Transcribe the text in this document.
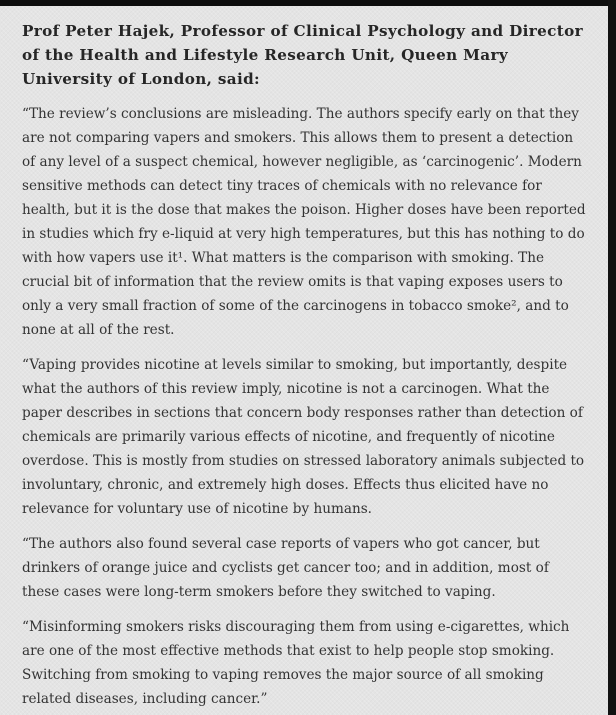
Prof Peter Hajek, Professor of Clinical Psychology and Director of the Health and Lifestyle Research Unit, Queen Mary University of London, said:

“The review’s conclusions are misleading. The authors specify early on that they are not comparing vapers and smokers. This allows them to present a detection of any level of a suspect chemical, however negligible, as ‘carcinogenic’. Modern sensitive methods can detect tiny traces of chemicals with no relevance for health, but it is the dose that makes the poison. Higher doses have been reported in studies which fry e-liquid at very high temperatures, but this has nothing to do with how vapers use it¹. What matters is the comparison with smoking. The crucial bit of information that the review omits is that vaping exposes users to only a very small fraction of some of the carcinogens in tobacco smoke², and to none at all of the rest.

“Vaping provides nicotine at levels similar to smoking, but importantly, despite what the authors of this review imply, nicotine is not a carcinogen. What the paper describes in sections that concern body responses rather than detection of chemicals are primarily various effects of nicotine, and frequently of nicotine overdose. This is mostly from studies on stressed laboratory animals subjected to involuntary, chronic, and extremely high doses. Effects thus elicited have no relevance for voluntary use of nicotine by humans.

“The authors also found several case reports of vapers who got cancer, but drinkers of orange juice and cyclists get cancer too; and in addition, most of these cases were long-term smokers before they switched to vaping.

“Misinforming smokers risks discouraging them from using e-cigarettes, which are one of the most effective methods that exist to help people stop smoking. Switching from smoking to vaping removes the major source of all smoking related diseases, including cancer.”
